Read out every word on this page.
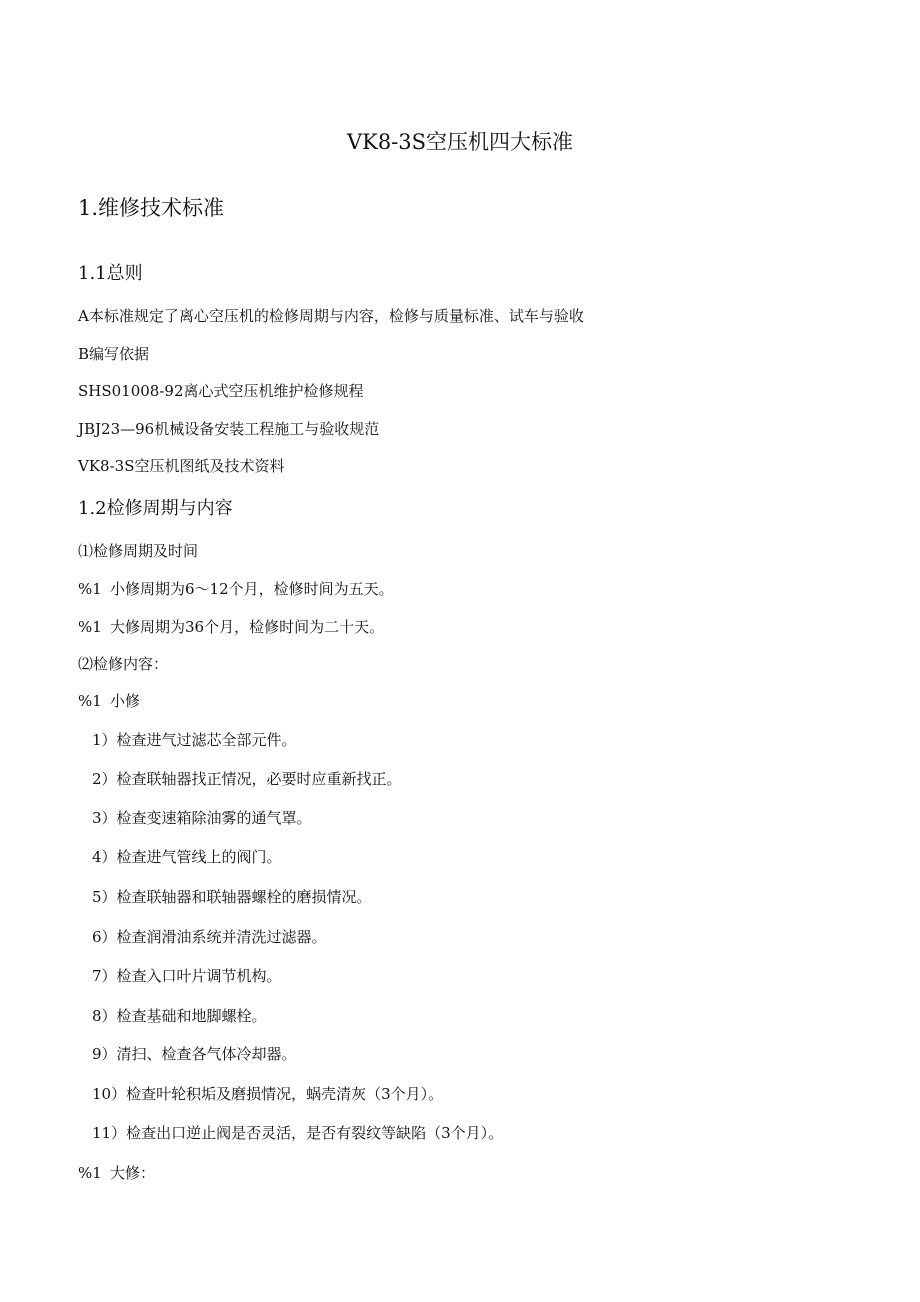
VK8-3S空压机四大标准
1.维修技术标准
1.1总则
A本标准规定了离心空压机的检修周期与内容，检修与质量标准、试车与验收
B编写依据
SHS01008-92离心式空压机维护检修规程
JBJ23—96机械设备安装工程施工与验收规范
VK8-3S空压机图纸及技术资料
1.2检修周期与内容
⑴检修周期及时间
%1 小修周期为6～12个月，检修时间为五天。
%1 大修周期为36个月，检修时间为二十天。
⑵检修内容：
%1 小修
1）检查进气过滤芯全部元件。
2）检查联轴器找正情况，必要时应重新找正。
3）检查变速箱除油雾的通气罩。
4）检查进气管线上的阀门。
5）检查联轴器和联轴器螺栓的磨损情况。
6）检查润滑油系统并清洗过滤器。
7）检查入口叶片调节机构。
8）检查基础和地脚螺栓。
9）清扫、检查各气体冷却器。
10）检查叶轮积垢及磨损情况，蜗壳清灰（3个月）。
11）检查出口逆止阀是否灵活，是否有裂纹等缺陷（3个月）。
%1 大修：
